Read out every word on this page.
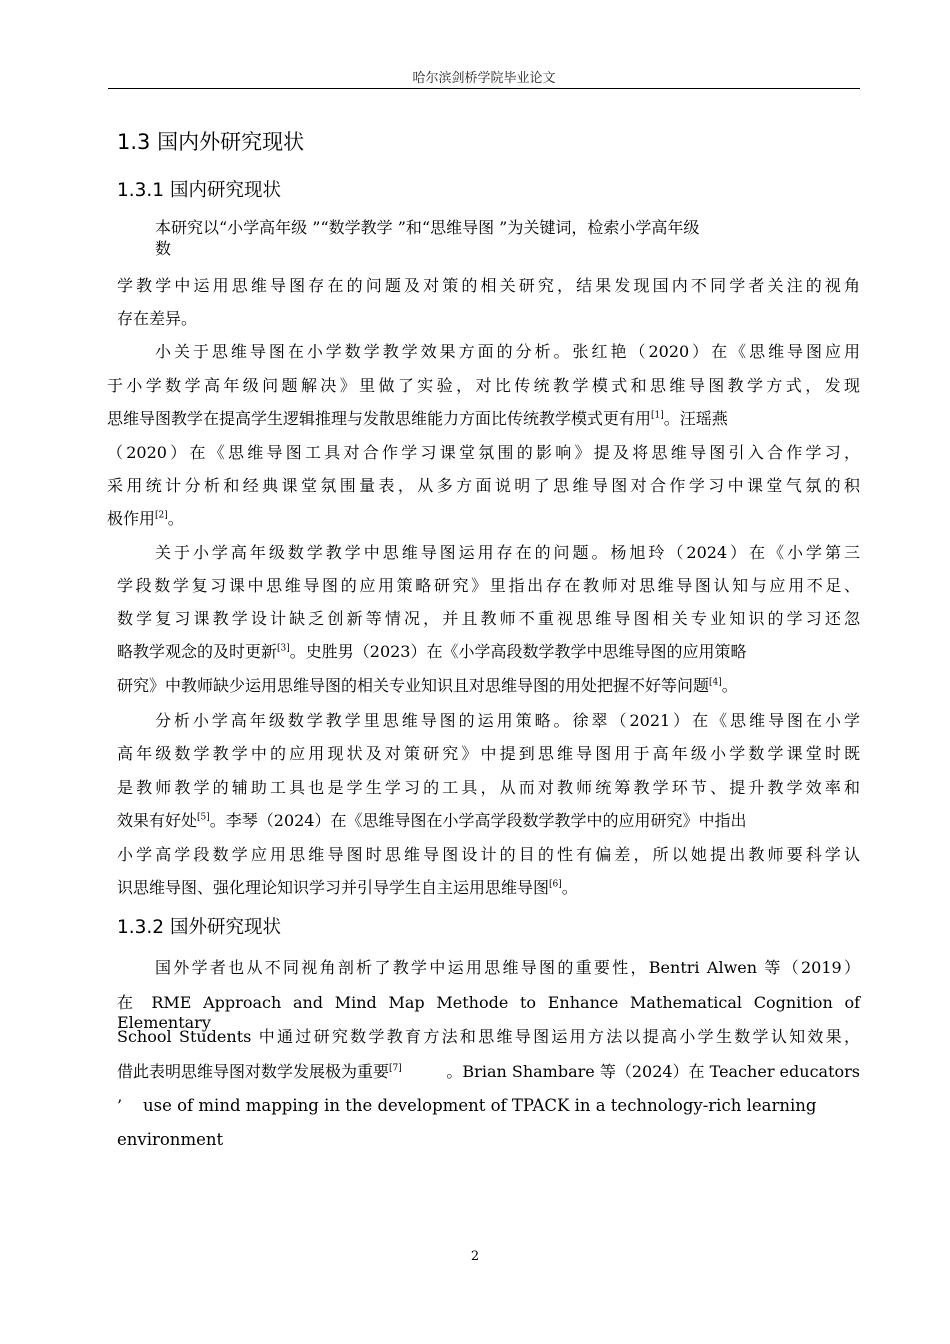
哈尔滨剑桥学院毕业论文
1.3 国内外研究现状
1.3.1 国内研究现状
本研究以“小学高年级 ”“数学教学 ”和“思维导图 ”为关键词，检索小学高年级
数
学教学中运用思维导图存在的问题及对策的相关研究，结果发现国内不同学者关注的视角
存在差异。
小关于思维导图在小学数学教学效果方面的分析。张红艳（2020）在《思维导图应用
于小学数学高年级问题解决》里做了实验，对比传统教学模式和思维导图教学方式，发现
思维导图教学在提高学生逻辑推理与发散思维能力方面比传统教学模式更有用[1]。汪瑶燕
（2020）在《思维导图工具对合作学习课堂氛围的影响》提及将思维导图引入合作学习，
采用统计分析和经典课堂氛围量表，从多方面说明了思维导图对合作学习中课堂气氛的积
极作用[2]。
关于小学高年级数学教学中思维导图运用存在的问题。杨旭玲（2024）在《小学第三
学段数学复习课中思维导图的应用策略研究》里指出存在教师对思维导图认知与应用不足、
数学复习课教学设计缺乏创新等情况，并且教师不重视思维导图相关专业知识的学习还忽
略教学观念的及时更新[3]。史胜男（2023）在《小学高段数学教学中思维导图的应用策略
研究》中教师缺少运用思维导图的相关专业知识且对思维导图的用处把握不好等问题[4]。
分析小学高年级数学教学里思维导图的运用策略。徐翠（2021）在《思维导图在小学
高年级数学教学中的应用现状及对策研究》中提到思维导图用于高年级小学数学课堂时既
是教师教学的辅助工具也是学生学习的工具，从而对教师统筹教学环节、提升教学效率和
效果有好处[5]。李琴（2024）在《思维导图在小学高学段数学教学中的应用研究》中指出
小学高学段数学应用思维导图时思维导图设计的目的性有偏差，所以她提出教师要科学认
识思维导图、强化理论知识学习并引导学生自主运用思维导图[6]。
1.3.2 国外研究现状
国外学者也从不同视角剖析了教学中运用思维导图的重要性，Bentri Alwen 等（2019）
在 RME Approach and Mind Map Methode to Enhance Mathematical Cognition of Elementary
School Students 中通过研究数学教育方法和思维导图运用方法以提高小学生数学认知效果，
借此表明思维导图对数学发展极为重要[7]	。Brian Shambare 等（2024）在 Teacher educators
’ use of mind mapping in the development of TPACK in a technology-rich learning
environment
2
